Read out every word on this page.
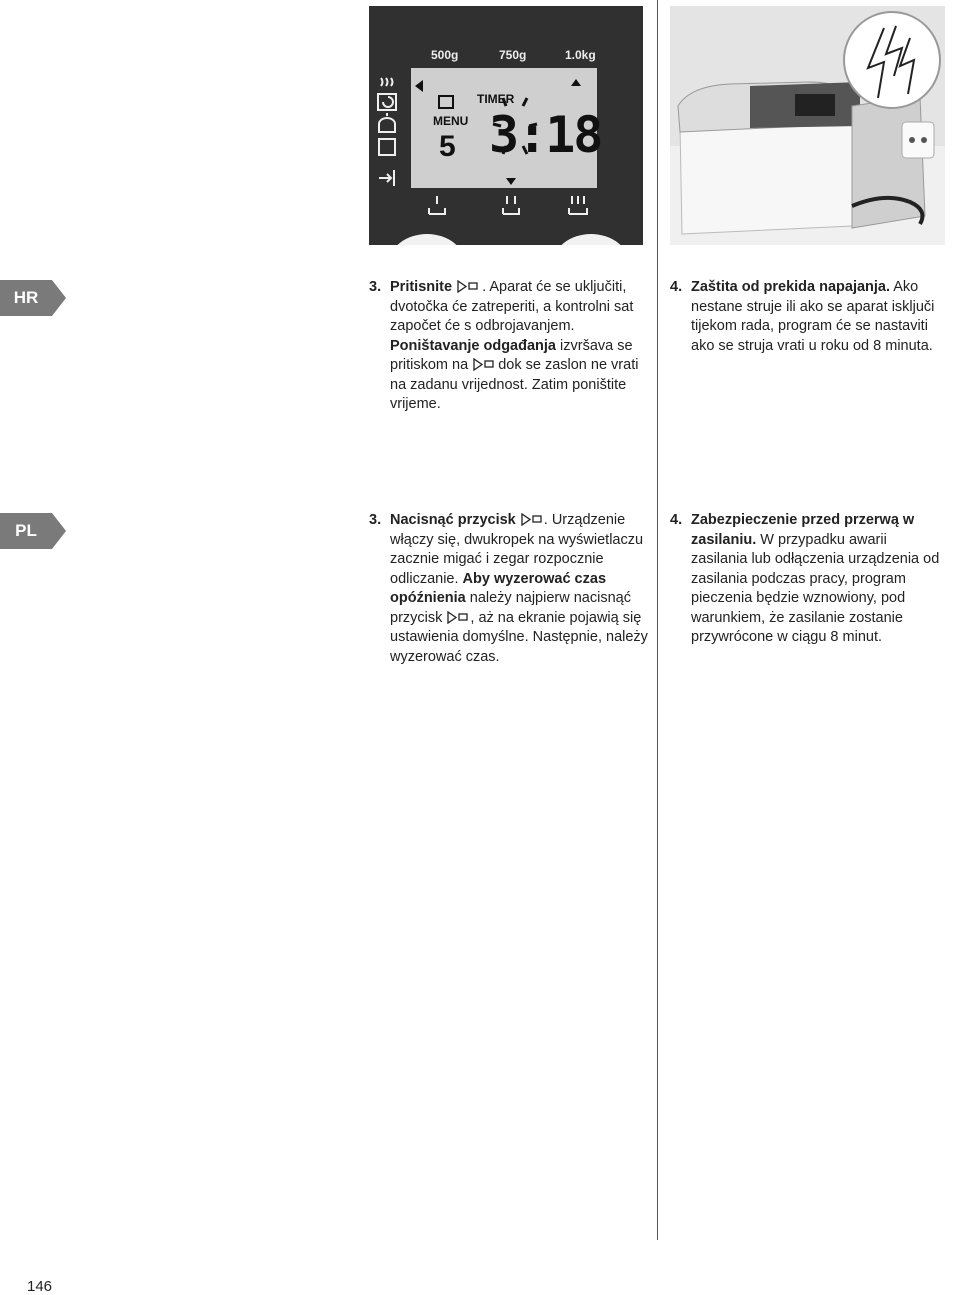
500g	750g	1.0kg
TIMER
MENU
5 3:18
HR
PL
3. Pritisnite . Aparat će se uključiti, dvotočka će zatreperiti, a kontrolni sat započet će s odbrojavanjem. Poništavanje odgađanja izvršava se pritiskom na dok se zaslon ne vrati na zadanu vrijednost. Zatim poništite vrijeme.
4. Zaštita od prekida napajanja. Ako nestane struje ili ako se aparat isključi tijekom rada, program će se nastaviti ako se struja vrati u roku od 8 minuta.
3. Nacisnąć przycisk . Urządzenie włączy się, dwukropek na wyświetlaczu zacznie migać i zegar rozpocznie odliczanie. Aby wyzerować czas opóźnienia należy najpierw nacisnąć przycisk , aż na ekranie pojawią się ustawienia domyślne. Następnie, należy wyzerować czas.
4. Zabezpieczenie przed przerwą w zasilaniu. W przypadku awarii zasilania lub odłączenia urządzenia od zasilania podczas pracy, program pieczenia będzie wznowiony, pod warunkiem, że zasilanie zostanie przywrócone w ciągu 8 minut.
146
